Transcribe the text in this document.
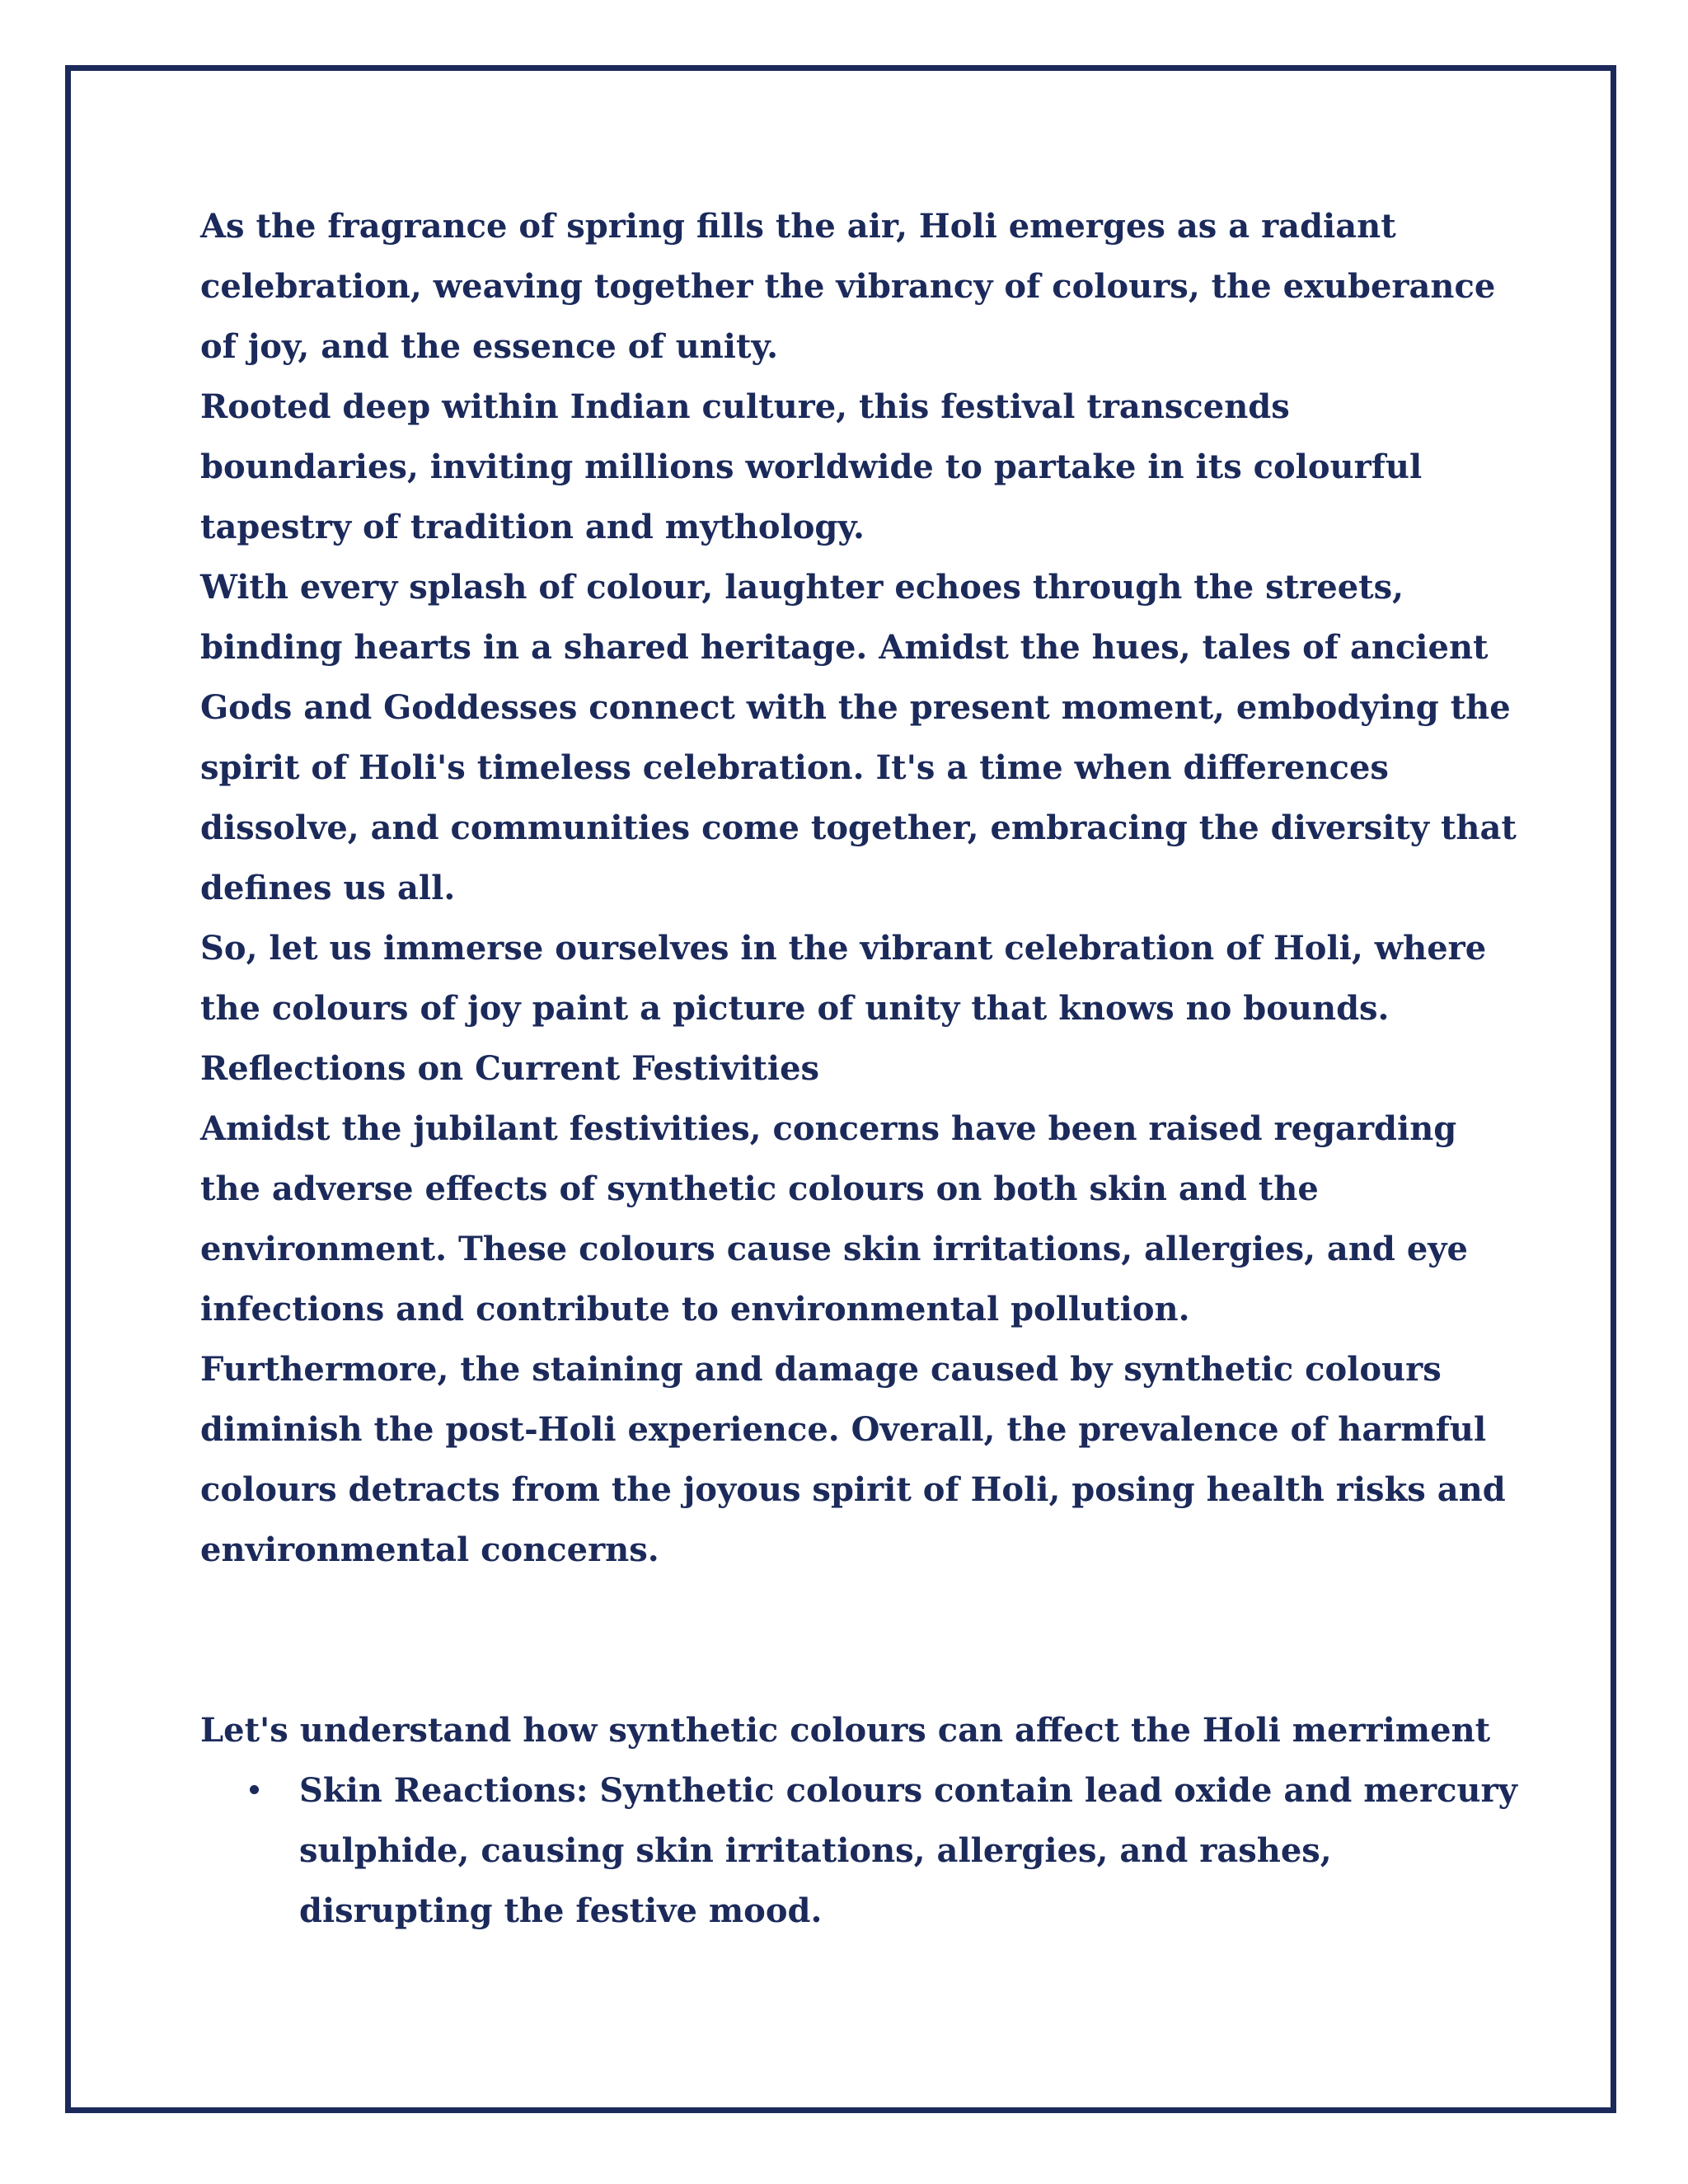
As the fragrance of spring fills the air, Holi emerges as a radiant celebration, weaving together the vibrancy of colours, the exuberance of joy, and the essence of unity.

Rooted deep within Indian culture, this festival transcends boundaries, inviting millions worldwide to partake in its colourful tapestry of tradition and mythology.

With every splash of colour, laughter echoes through the streets, binding hearts in a shared heritage. Amidst the hues, tales of ancient Gods and Goddesses connect with the present moment, embodying the spirit of Holi's timeless celebration. It's a time when differences dissolve, and communities come together, embracing the diversity that defines us all.

So, let us immerse ourselves in the vibrant celebration of Holi, where the colours of joy paint a picture of unity that knows no bounds.

Reflections on Current Festivities

Amidst the jubilant festivities, concerns have been raised regarding the adverse effects of synthetic colours on both skin and the environment. These colours cause skin irritations, allergies, and eye infections and contribute to environmental pollution.

Furthermore, the staining and damage caused by synthetic colours diminish the post-Holi experience. Overall, the prevalence of harmful colours detracts from the joyous spirit of Holi, posing health risks and environmental concerns.

Let's understand how synthetic colours can affect the Holi merriment

Skin Reactions: Synthetic colours contain lead oxide and mercury sulphide, causing skin irritations, allergies, and rashes, disrupting the festive mood.
